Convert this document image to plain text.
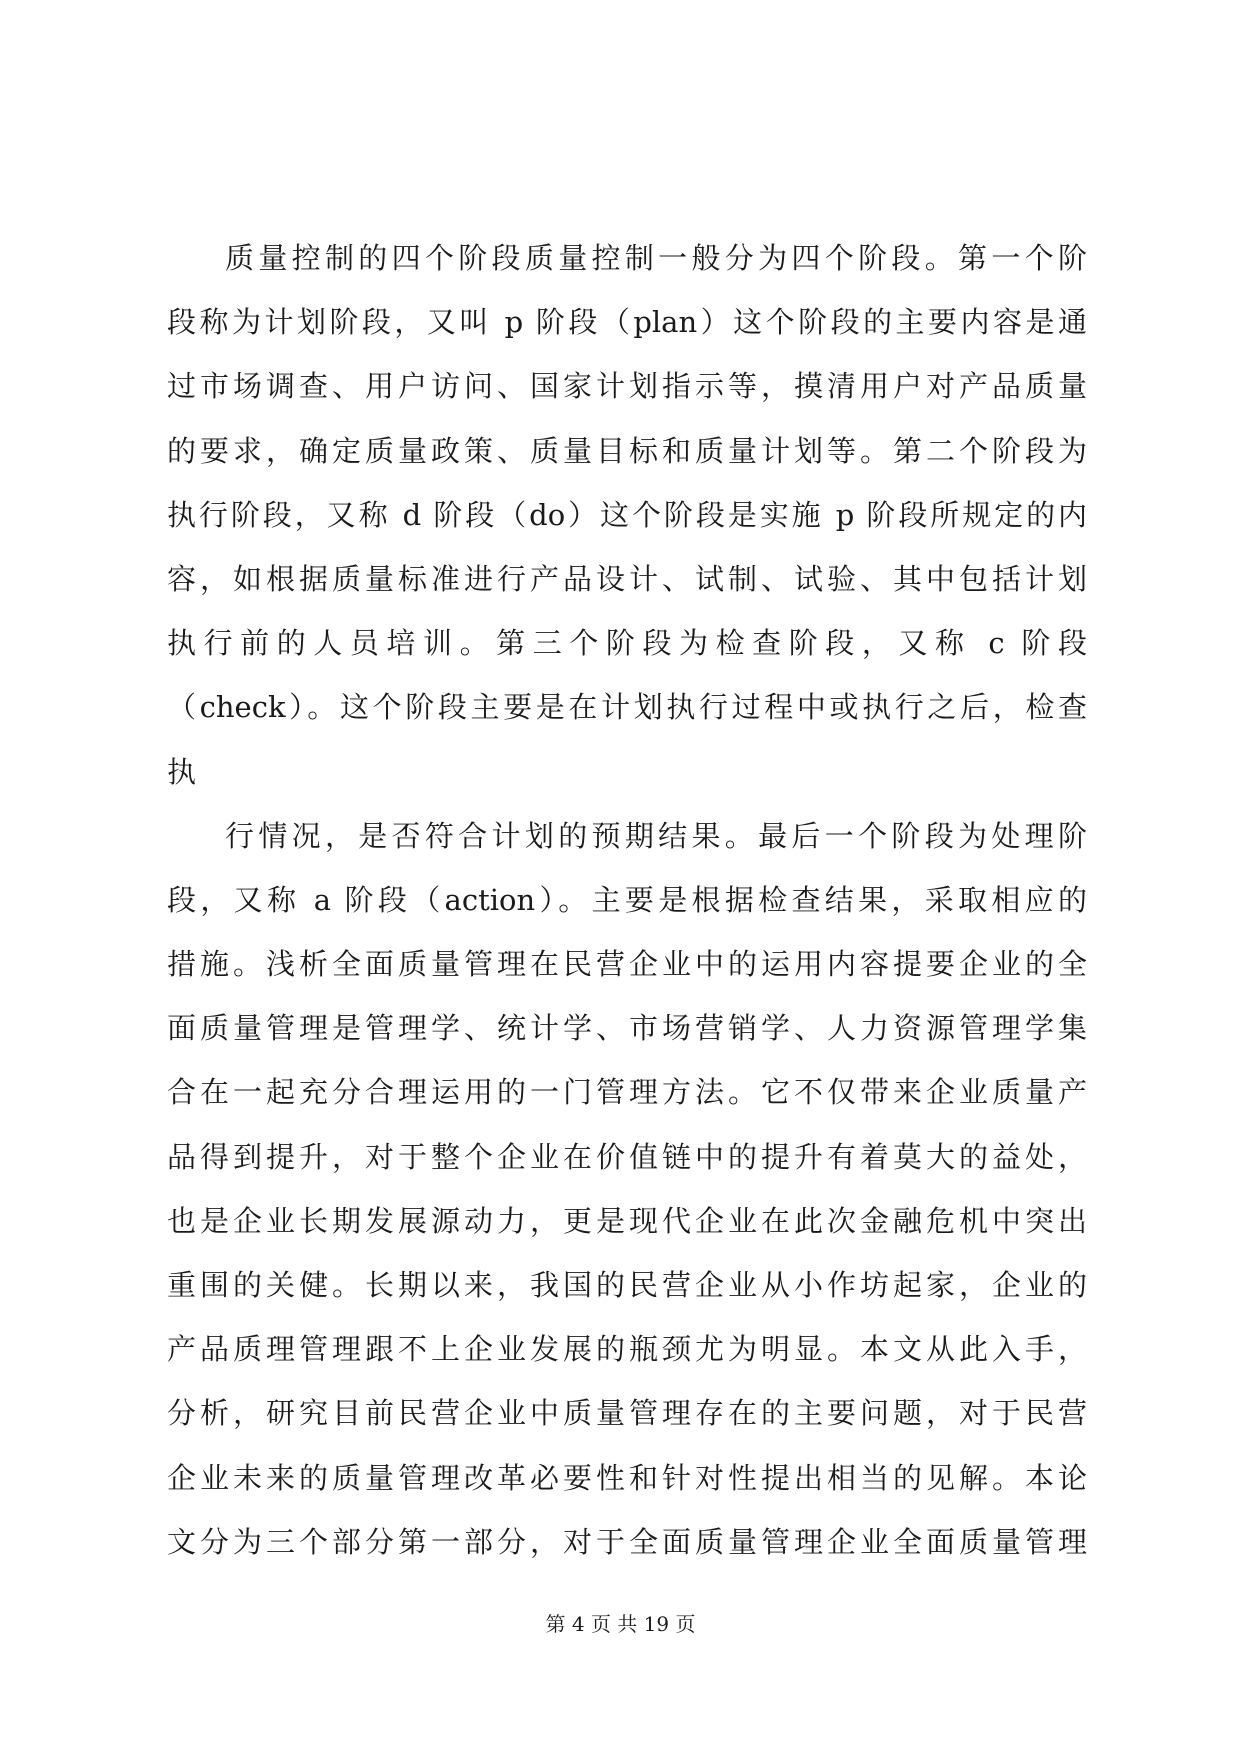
质量控制的四个阶段质量控制一般分为四个阶段。第一个阶
段称为计划阶段，又叫 p 阶段（plan）这个阶段的主要内容是通
过市场调查、用户访问、国家计划指示等，摸清用户对产品质量
的要求，确定质量政策、质量目标和质量计划等。第二个阶段为
执行阶段，又称 d 阶段（do）这个阶段是实施 p 阶段所规定的内
容，如根据质量标准进行产品设计、试制、试验、其中包括计划
执行前的人员培训。第三个阶段为检查阶段，又称 c 阶段
（check）。这个阶段主要是在计划执行过程中或执行之后，检查
执
行情况，是否符合计划的预期结果。最后一个阶段为处理阶
段，又称 a 阶段（action）。主要是根据检查结果，采取相应的
措施。浅析全面质量管理在民营企业中的运用内容提要企业的全
面质量管理是管理学、统计学、市场营销学、人力资源管理学集
合在一起充分合理运用的一门管理方法。它不仅带来企业质量产
品得到提升，对于整个企业在价值链中的提升有着莫大的益处，
也是企业长期发展源动力，更是现代企业在此次金融危机中突出
重围的关健。长期以来，我国的民营企业从小作坊起家，企业的
产品质理管理跟不上企业发展的瓶颈尤为明显。本文从此入手，
分析，研究目前民营企业中质量管理存在的主要问题，对于民营
企业未来的质量管理改革必要性和针对性提出相当的见解。本论
文分为三个部分第一部分，对于全面质量管理企业全面质量管理
第 4 页 共 19 页
